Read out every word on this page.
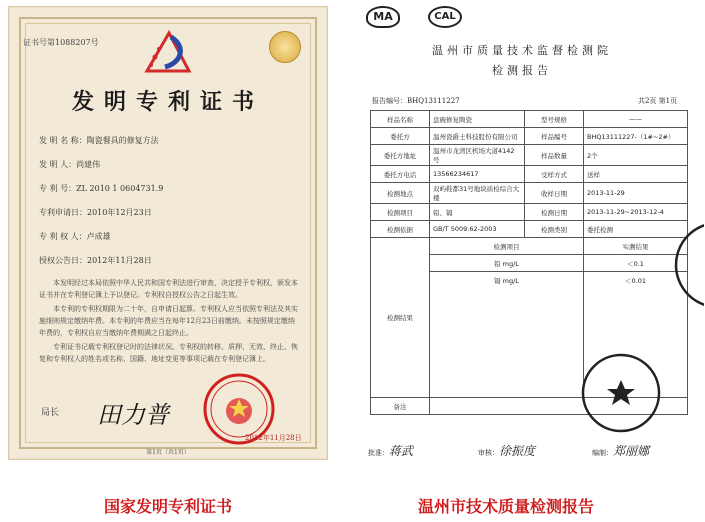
证书号第1088207号
发明专利证书
发 明 名 称：陶瓷餐具的修复方法
发 明 人：尚建伟
专 利 号：ZL 2010 1 0604731.9
专利申请日：2010年12月23日
专 利 权 人：卢成雄
授权公告日：2012年11月28日
本发明经过本局依照中华人民共和国专利法进行审查，决定授予专利权，颁发本证书并在专利登记簿上予以登记。专利权自授权公告之日起生效。
本专利的专利权期限为二十年，自申请日起算。专利权人应当依照专利法及其实施细则规定缴纳年费。本专利的年费应当在每年12月23日前缴纳。未按照规定缴纳年费的，专利权自应当缴纳年费期满之日起终止。
专利证书记载专利权登记时的法律状况。专利权的转移、质押、无效、终止、恢复和专利权人的姓名或名称、国籍、地址变更等事项记载在专利登记簿上。
局长 田力普
2012年11月28日
第1页（共1页）
MA	CAL
温州市质量技术监督检测院
检测报告
报告编号：BHQ13111227	共2页 第1页
样品名称	盘碗修复陶瓷	型号规格	——
委托方	温州瓷爵士科技股份有限公司	样品编号	BHQ13111227-（1#~2#）
委托方地址	温州市龙湾区机场大道4142号	样品数量	2个
委托方电话	13566234617	受样方式	送样
检测地点	双屿鞋都31号地块质检综合大楼	收样日期	2013-11-29
检测项目	铅、镉	检测日期	2013-11-29~2013-12-4
检测依据	GB/T 5009.62-2003	检测类别	委托检测
检测结果	检测项目		实测结果
	铅 mg/L		＜0.1
	镉 mg/L		＜0.01
备注			
批准：蒋武	审核：徐振度	编制：郑丽娜
国家发明专利证书	温州市技术质量检测报告
